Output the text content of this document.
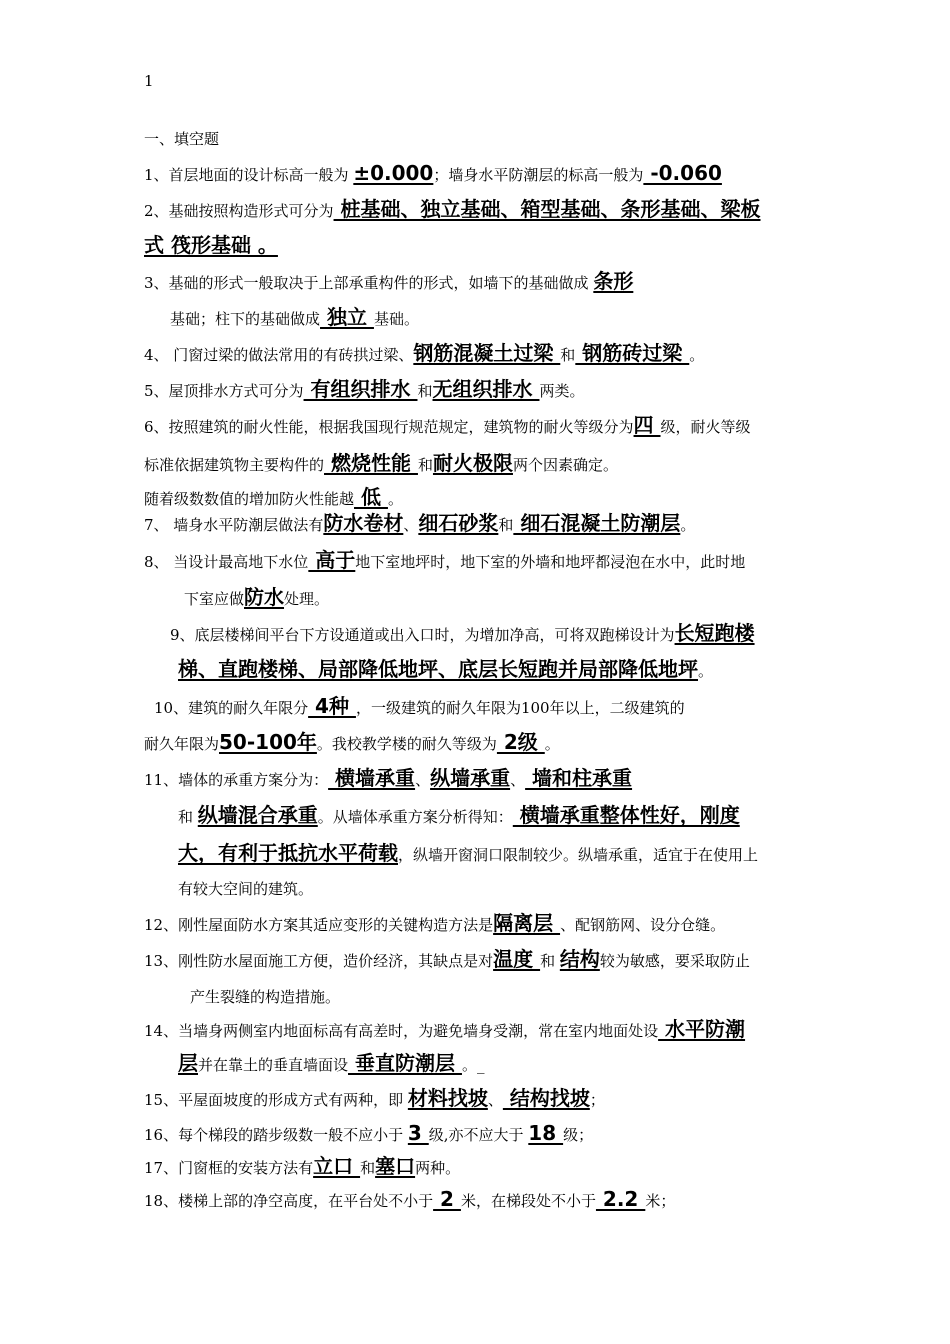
1
一、填空题
1、首层地面的设计标高一般为 ±0.000；墙身水平防潮层的标高一般为 -0.060
2、基础按照构造形式可分为 桩基础、独立基础、箱型基础、条形基础、梁板
式 筏形基础 。
3、基础的形式一般取决于上部承重构件的形式，如墙下的基础做成 条形
基础；柱下的基础做成 独立 基础。
4、 门窗过梁的做法常用的有砖拱过梁、钢筋混凝土过梁 和 钢筋砖过梁 。
5、屋顶排水方式可分为 有组织排水 和无组织排水 两类。
6、按照建筑的耐火性能，根据我国现行规范规定，建筑物的耐火等级分为四 级，耐火等级
标准依据建筑物主要构件的 燃烧性能 和耐火极限两个因素确定。
随着级数数值的增加防火性能越 低 。
7、 墙身水平防潮层做法有防水卷材、细石砂浆和 细石混凝土防潮层。
8、 当设计最高地下水位 高于地下室地坪时，地下室的外墙和地坪都浸泡在水中，此时地
下室应做防水处理。
9、底层楼梯间平台下方设通道或出入口时，为增加净高，可将双跑梯设计为长短跑楼
梯、直跑楼梯、局部降低地坪、底层长短跑并局部降低地坪。
10、建筑的耐久年限分 4种 ，一级建筑的耐久年限为100年以上，二级建筑的
耐久年限为50-100年。我校教学楼的耐久等级为 2级 。
11、墙体的承重方案分为： 横墙承重、纵墙承重、 墙和柱承重
和 纵墙混合承重。从墙体承重方案分析得知： 横墙承重整体性好，刚度
大，有利于抵抗水平荷载，纵墙开窗洞口限制较少。纵墙承重，适宜于在使用上
有较大空间的建筑。
12、刚性屋面防水方案其适应变形的关键构造方法是隔离层 、配钢筋网、设分仓缝。
13、刚性防水屋面施工方便，造价经济，其缺点是对温度 和 结构较为敏感，要采取防止
产生裂缝的构造措施。
14、当墙身两侧室内地面标高有高差时，为避免墙身受潮，常在室内地面处设 水平防潮
层并在靠土的垂直墙面设 垂直防潮层 。_
15、平屋面坡度的形成方式有两种，即 材料找坡、 结构找坡；
16、每个梯段的踏步级数一般不应小于 3 级,亦不应大于 18 级；
17、门窗框的安装方法有立口 和塞口两种。
18、楼梯上部的净空高度，在平台处不小于 2 米，在梯段处不小于 2.2 米；
